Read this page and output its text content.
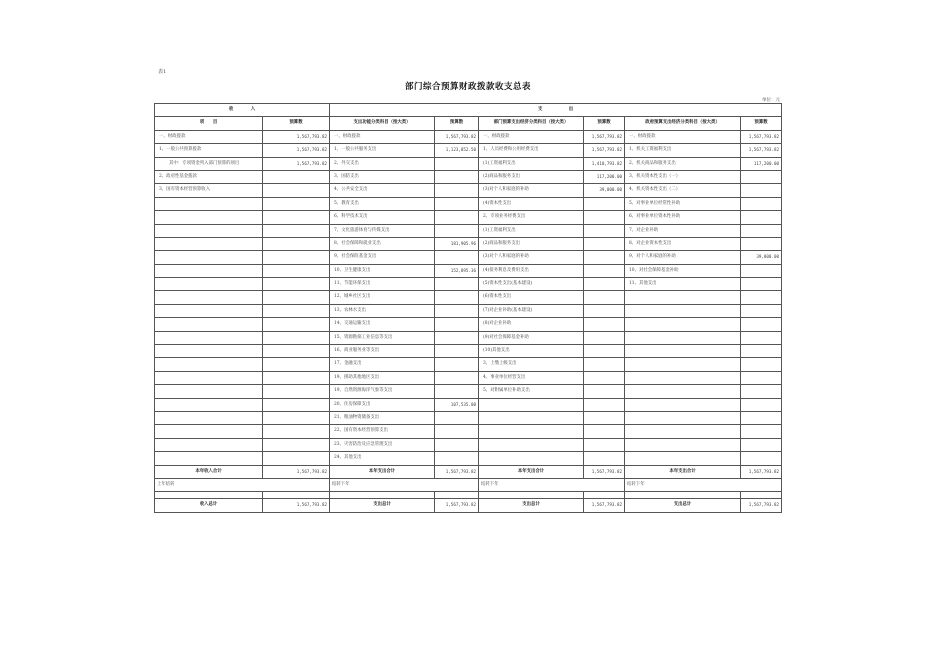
表1
部门综合预算财政拨款收支总表
单位：元
收　　　　入		支　　　　　　出					
项　　目	预算数	支出功能分类科目（按大类）	预算数	部门预算支出经济分类科目（按大类）	预算数	政府预算支出经济分类科目（按大类）	预算数
一、财政拨款	1,567,793.82	一、财政拨款	1,567,793.82	一、财政拨款	1,567,793.82	一、财政拨款	1,567,793.82
1、一般公共预算拨款	1,567,793.82	1、一般公共服务支出	1,123,852.50	1、人员经费和公用经费支出	1,567,793.82	1、机关工资福利支出	1,567,793.82
其中：专项资金列入部门预算的项目	1,567,793.82	2、外交支出		(1)工资福利支出	1,410,793.82	2、机关商品和服务支出	117,200.00
2、政府性基金拨款		3、国防支出		(2)商品和服务支出	117,200.00	3、机关资本性支出（一）	
3、国有资本经营预算收入		4、公共安全支出		(3)对个人和家庭的补助	39,800.00	4、机关资本性支出（二）	
		5、教育支出		(4)资本性支出		5、对事业单位经常性补助	
		6、科学技术支出		2、专项业务经费支出		6、对事业单位资本性补助	
		7、文化旅游体育与传媒支出		(1)工资福利支出		7、对企业补助	
		8、社会保障和就业支出	181,905.96	(2)商品和服务支出		8、对企业资本性支出	
		9、社会保险基金支出		(3)对个人和家庭的补助		9、对个人和家庭的补助	39,800.00
		10、卫生健康支出	152,895.36	(4)债务利息及费用支出		10、对社会保障基金补助	
		11、节能环保支出		(5)资本性支出(基本建设)		11、其他支出	
		12、城乡社区支出		(6)资本性支出			
		13、农林水支出		(7)对企业补助(基本建设)			
		14、交通运输支出		(8)对企业补助			
		15、资源勘探工业信息等支出		(9)对社会保障基金补助			
		16、商业服务业等支出		(10)其他支出			
		17、金融支出		3、上缴上级支出			
		19、援助其他地区支出		4、事业单位经营支出			
		19、自然资源海洋气象等支出		5、对附属单位补助支出			
		20、住房保障支出	107,535.00				
		21、粮油物资储备支出					
		22、国有资本经营预算支出					
		23、灾害防治及应急管理支出					
		24、其他支出					
本年收入合计	1,567,793.82	本年支出合计	1,567,793.82	本年支出合计	1,567,793.82	本年支出合计	1,567,793.82
上年结转		结转下年		结转下年		结转下年	

收入总计	1,567,793.82	支出总计	1,567,793.82	支出总计	1,567,793.82	支出总计	1,567,793.82
